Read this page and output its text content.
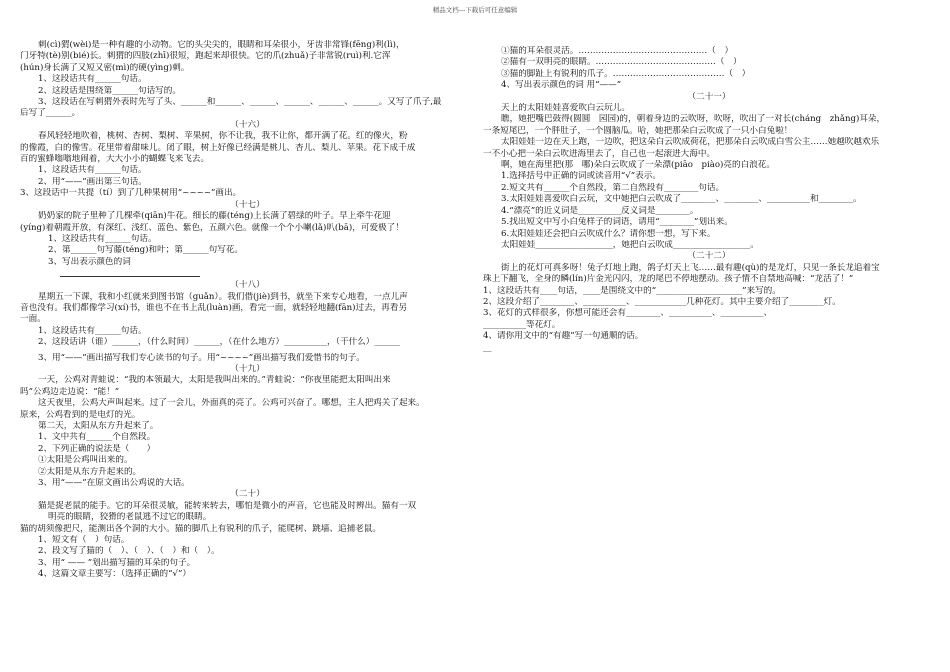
精品文档---下载后可任意编辑

刺(cì)猬(wèi)是一种有趣的小动物。它的头尖尖的，眼睛和耳朵很小，牙齿非常锋(fēng)利(lì)，

门牙特(tè)别(bié)长。刺猬的四肢(zhī)很短，跑起来却很快。它的爪(zhuǎ)子非常锐(ruì)利.它浑

(hún)身长满了又短又密(mì)的硬(yìng)刺。

1、这段话共有______句话。

2、这段话是围绕第______句话写的。

3、这段话在写刺猬外表时先写了头、______和______、______、______、______、______。又写了爪子,最

后写了______。

（十六）

春风轻轻地吹着，桃树、杏树、梨树、苹果树，你不让我，我不让你，都开满了花。红的像火，粉

的像霞，白的像雪。花里带着甜味儿。闭了眼，树上好像已经满是桃儿、杏儿、梨儿、苹果。花下成千成

百的蜜蜂嗡嗡地闹着，大大小小的蝴蝶飞来飞去。

1、这段话共有______句话。

2、用“——”画出第三句话。

3、这段话中一共提（tí）到了几种果树用“~~~~”画出。

（十七）

奶奶家的院子里种了几棵牵(qiān)牛花。细长的藤(téng)上长满了碧绿的叶子。早上牵牛花迎

(yíng)着朝霞开放，有深红、浅红、蓝色、紫色，五颜六色。就像一个个小喇(lǎ)叭(bā)，可爱极了！

1、这段话共有______句话。

2、第______句写藤(téng)和叶；第______句写花。

3、写出表示颜色的词

（十八）

星期五一下课，我和小红就来到图书馆（guǎn）。我们借(jiè)到书，就坐下来专心地看，一点儿声

音也没有。我们都像学习(xí)书，谁也不在书上乱(luàn)画，看完一面，就轻轻地翻(fān)过去，再看另

一面。

1、这段话共有______句话。

2、这段话讲（谁）______，（什么时间）______，（在什么地方）__________，（干什么）______

3、用“——”画出描写我们专心读书的句子。用“~~~~”画出描写我们爱惜书的句子。

（十九）

一天，公鸡对青蛙说：“我的本领最大，太阳是我叫出来的。”青蛙说：“你夜里能把太阳叫出来

吗”公鸡边走边说：“能！”

这天夜里，公鸡大声叫起来。过了一会儿，外面真的亮了。公鸡可兴奋了。哪想，主人把鸡关了起来。

原来，公鸡看到的是电灯的光。

第二天，太阳从东方升起来了。

1、文中共有______个自然段。

2、下列正确的说法是（　　）

①太阳是公鸡叫出来的。

②太阳是从东方升起来的。

3、用“——”在原文画出公鸡说的大话。

（二十）

猫是捉老鼠的能手。它的耳朵很灵敏，能转来转去，哪怕是微小的声音，它也能及时辨出。猫有一双

明亮的眼睛，狡猾的老鼠逃不过它的眼睛。

猫的胡须像把尺，能测出各个洞的大小。猫的脚爪上有锐利的爪子，能爬树、跳墙、追捕老鼠。

1、短文有（　）句话。

2、段文写了猫的（　）、（　）、（　）和（　）。

3、用“ —— ”划出描写猫的耳朵的句子。

4、这篇文章主要写：（选择正确的“√”）

①猫的耳朵很灵活。………………………………………（　）

②猫有一双明亮的眼睛。……………………………………（　）

③猫的脚趾上有锐利的爪子。…………………………………（　）

4、写出表示颜色的词 用“——”

（二十一）

天上的太阳娃娃喜爱吹白云玩儿。

瞧，她把嘴巴鼓得(圆圆　园园)的，朝着身边的云吹呀，吹呀，吹出了一对长(cháng　zhǎng)耳朵，

一条短尾巴，一个胖肚子，一个圆脑瓜。哈，她把那朵白云吹成了一只小白兔啦！

太阳娃娃一边在天上跑，一边吹，把这朵白云吹成荷花，把那朵白云吹成白雪公主……她越吹越欢乐

一不小心把一朵白云吹进海里去了，自己也一起滚进大海中。

啊，她在海里把(那　哪)朵白云吹成了一朵漂(piāo　piào)亮的白浪花。

1.选择括号中正确的词或读音用“√”表示。

2.短文共有______个自然段，第二自然段有________句话。

3.太阳娃娃喜爱吹白云玩，文中她把白云吹成了________、________、__________和________。

4.“漂亮”的近义词是__________反义词是________。

5.找出短文中写小白兔样子的词语，请用“________”划出来。

6.太阳娃娃还会把白云吹成什么？请你想一想，写下来。

太阳娃娃__________________，她把白云吹成__________________。

（二十二）

街上的花灯可真多呀！兔子灯地上跑，鸽子灯天上飞……最有趣(qù)的是龙灯，只见一条长龙追着宝

珠上下翻飞，全身的鳞(lín)片金光闪闪，龙的尾巴不停地摆动。孩子情不自禁地高喊：“龙活了！”

1、这段话共有____句话，____是围绕文中的“____________________”来写的。

2、这段介绍了________、__________、____________几种花灯。其中主要介绍了________灯。

3、花灯的式样很多，你想可能还会有________、__________、__________、

__________等花灯。

4、请你用文中的“有趣”写一句通顺的话。

__
